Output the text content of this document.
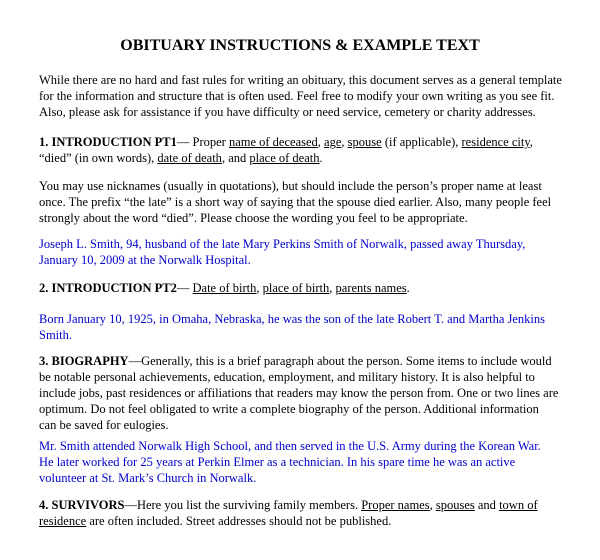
OBITUARY INSTRUCTIONS & EXAMPLE TEXT
While there are no hard and fast rules for writing an obituary, this document serves as a general template
for the information and structure that is often used. Feel free to modify your own writing as you see fit.
Also, please ask for assistance if you have difficulty or need service, cemetery or charity addresses.
1. INTRODUCTION PT1— Proper name of deceased, age, spouse (if applicable), residence city,
“died” (in own words), date of death, and place of death.
You may use nicknames (usually in quotations), but should include the person’s proper name at least
once. The prefix “the late” is a short way of saying that the spouse died earlier. Also, many people feel
strongly about the word “died”. Please choose the wording you feel to be appropriate.
Joseph L. Smith, 94, husband of the late Mary Perkins Smith of Norwalk, passed away Thursday,
January 10, 2009 at the Norwalk Hospital.
2. INTRODUCTION PT2— Date of birth, place of birth, parents names.
Born January 10, 1925, in Omaha, Nebraska, he was the son of the late Robert T. and Martha Jenkins
Smith.
3. BIOGRAPHY—Generally, this is a brief paragraph about the person. Some items to include would
be notable personal achievements, education, employment, and military history. It is also helpful to
include jobs, past residences or affiliations that readers may know the person from. One or two lines are
optimum. Do not feel obligated to write a complete biography of the person. Additional information
can be saved for eulogies.
Mr. Smith attended Norwalk High School, and then served in the U.S. Army during the Korean War.
He later worked for 25 years at Perkin Elmer as a technician. In his spare time he was an active
volunteer at St. Mark’s Church in Norwalk.
4. SURVIVORS—Here you list the surviving family members. Proper names, spouses and town of
residence are often included. Street addresses should not be published.
